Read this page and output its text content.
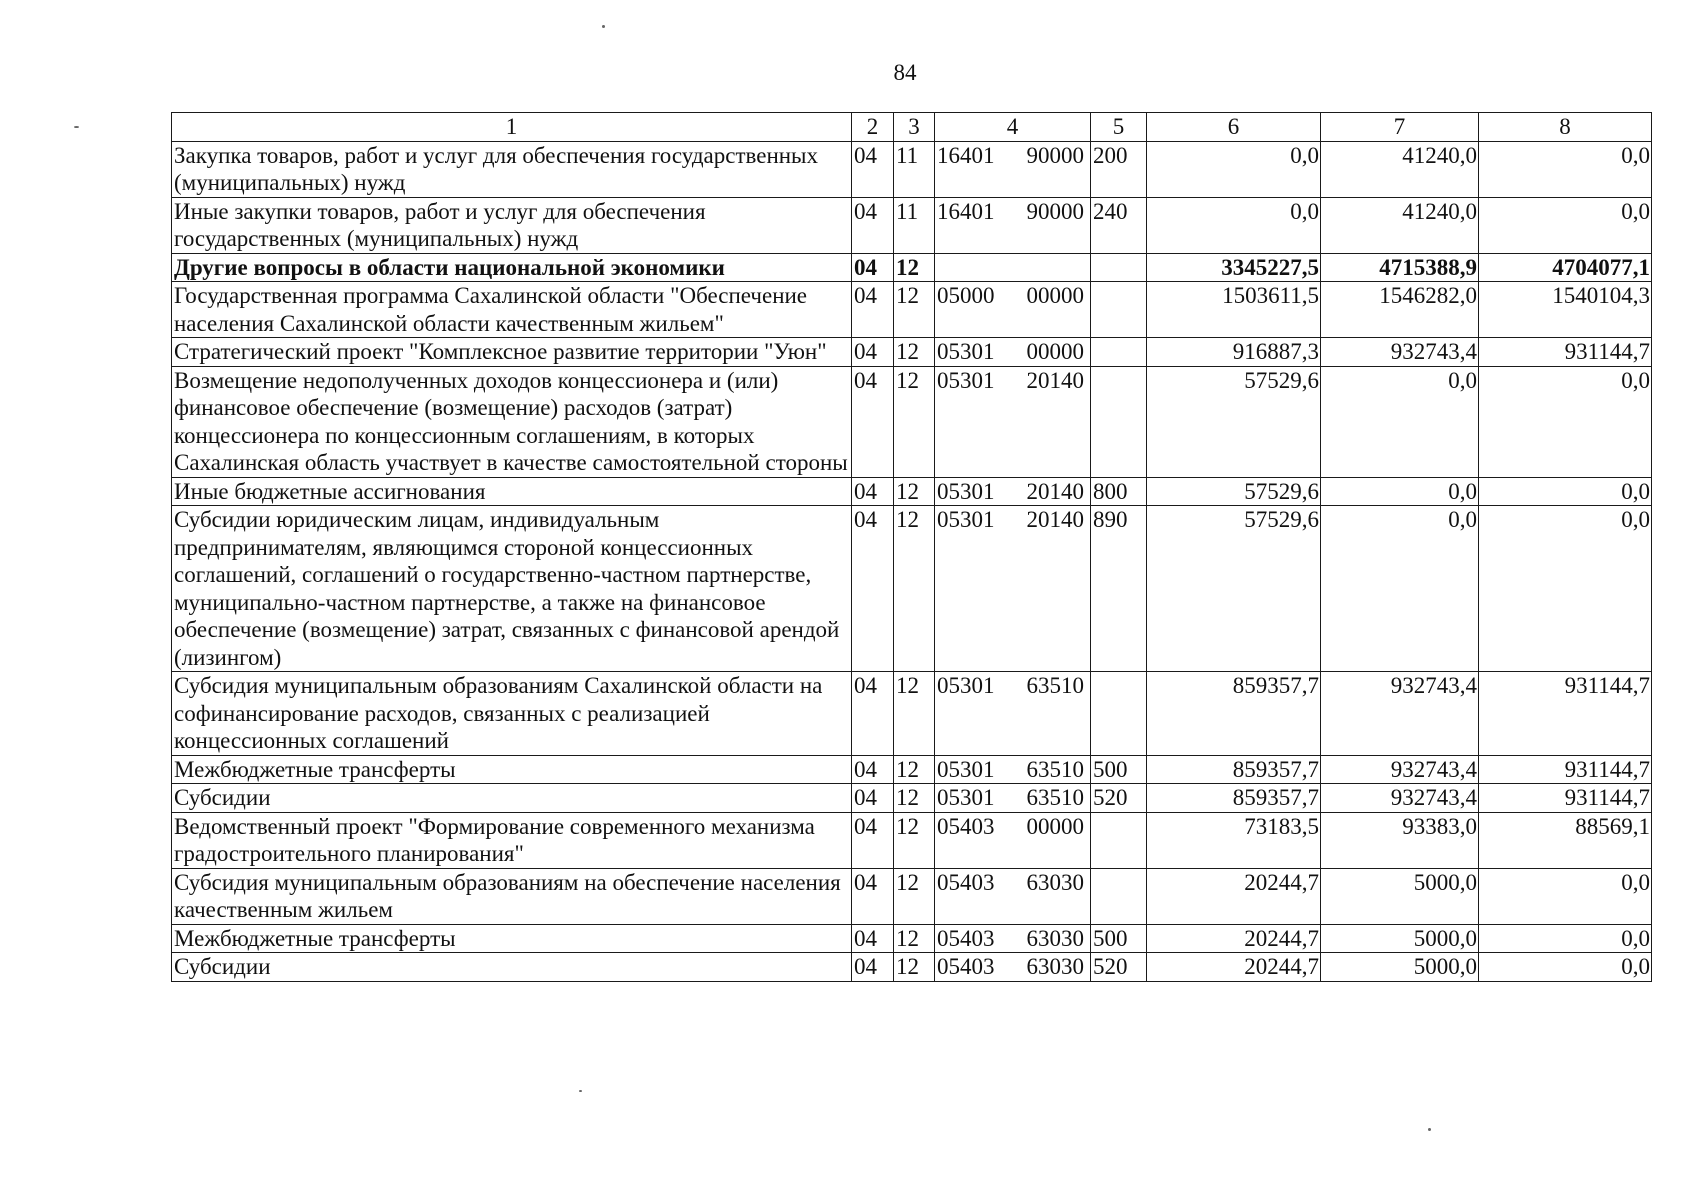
84
1	2	3	4	5	6	7	8
Закупка товаров, работ и услуг для обеспечения государственных (муниципальных) нужд	04	11	16401 90000	200	0,0	41240,0	0,0
Иные закупки товаров, работ и услуг для обеспечения государственных (муниципальных) нужд	04	11	16401 90000	240	0,0	41240,0	0,0
Другие вопросы в области национальной экономики	04	12			3345227,5	4715388,9	4704077,1
Государственная программа Сахалинской области "Обеспечение населения Сахалинской области качественным жильем"	04	12	05000 00000		1503611,5	1546282,0	1540104,3
Стратегический проект "Комплексное развитие территории "Уюн"	04	12	05301 00000		916887,3	932743,4	931144,7
Возмещение недополученных доходов концессионера и (или) финансовое обеспечение (возмещение) расходов (затрат) концессионера по концессионным соглашениям, в которых Сахалинская область участвует в качестве самостоятельной стороны	04	12	05301 20140		57529,6	0,0	0,0
Иные бюджетные ассигнования	04	12	05301 20140	800	57529,6	0,0	0,0
Субсидии юридическим лицам, индивидуальным предпринимателям, являющимся стороной концессионных соглашений, соглашений о государственно-частном партнерстве, муниципально-частном партнерстве, а также на финансовое обеспечение (возмещение) затрат, связанных с финансовой арендой (лизингом)	04	12	05301 20140	890	57529,6	0,0	0,0
Субсидия муниципальным образованиям Сахалинской области на софинансирование расходов, связанных с реализацией концессионных соглашений	04	12	05301 63510		859357,7	932743,4	931144,7
Межбюджетные трансферты	04	12	05301 63510	500	859357,7	932743,4	931144,7
Субсидии	04	12	05301 63510	520	859357,7	932743,4	931144,7
Ведомственный проект "Формирование современного механизма градостроительного планирования"	04	12	05403 00000		73183,5	93383,0	88569,1
Субсидия муниципальным образованиям на обеспечение населения качественным жильем	04	12	05403 63030		20244,7	5000,0	0,0
Межбюджетные трансферты	04	12	05403 63030	500	20244,7	5000,0	0,0
Субсидии	04	12	05403 63030	520	20244,7	5000,0	0,0
